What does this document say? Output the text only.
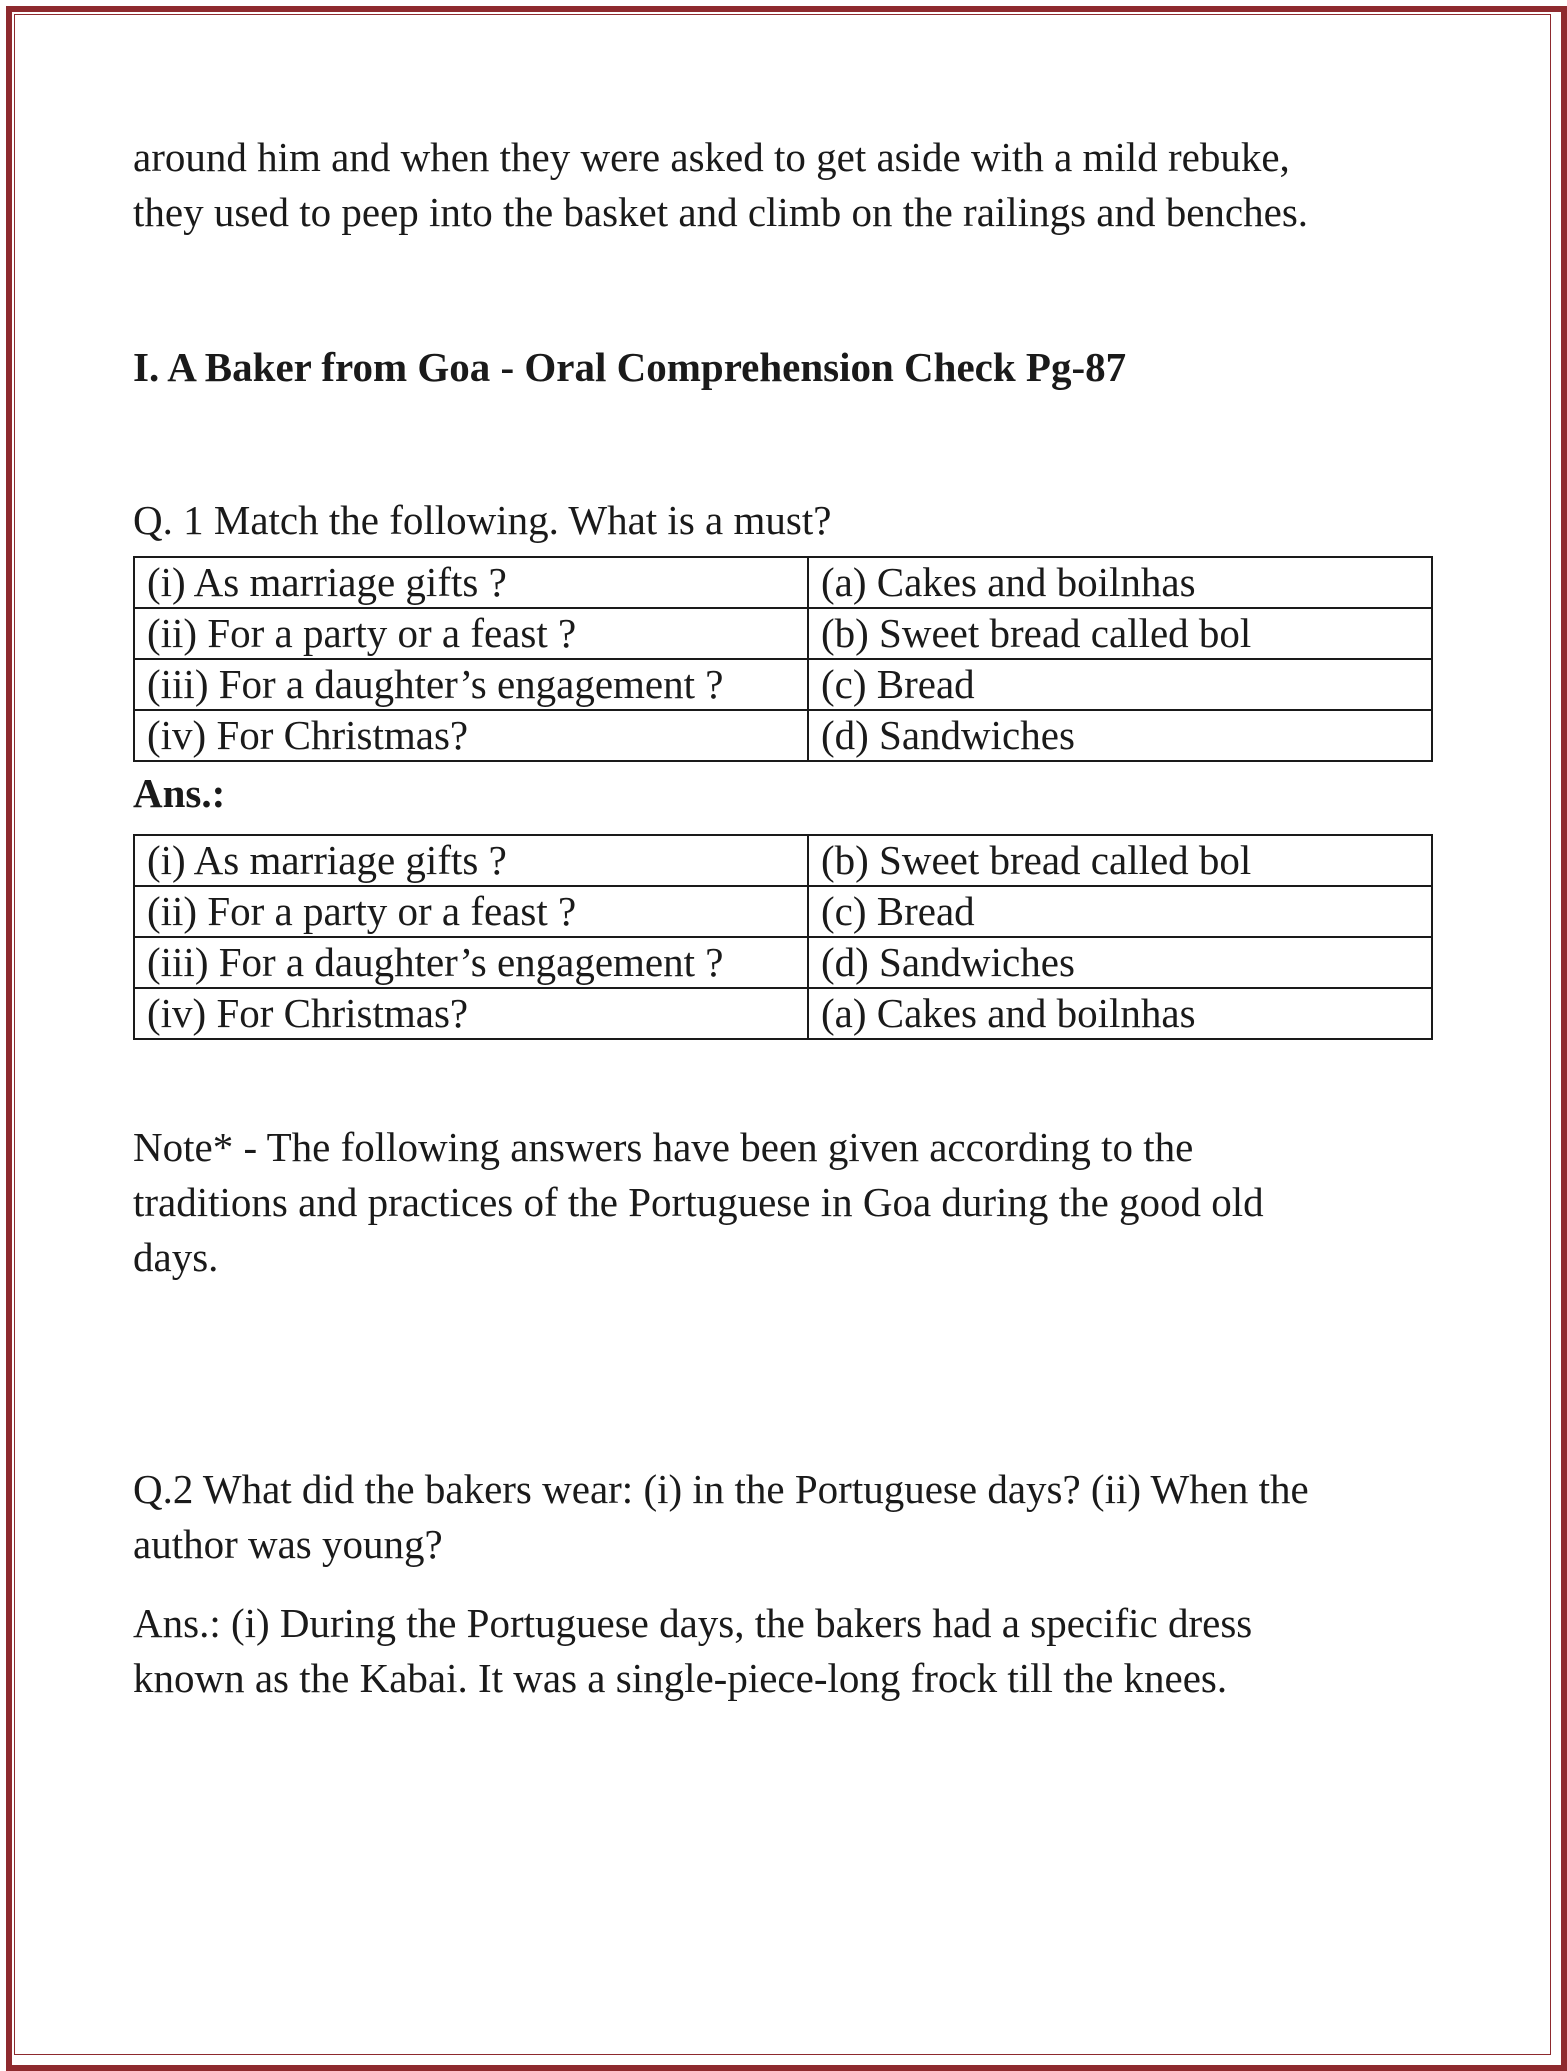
around him and when they were asked to get aside with a mild rebuke,

they used to peep into the basket and climb on the railings and benches.

I. A Baker from Goa - Oral Comprehension Check Pg-87

Q. 1 Match the following. What is a must?

(i) As marriage gifts ?	(a) Cakes and boilnhas
(ii) For a party or a feast ?	(b) Sweet bread called bol
(iii) For a daughter’s engagement ?	(c) Bread
(iv) For Christmas?	(d) Sandwiches

Ans.:

(i) As marriage gifts ?	(b) Sweet bread called bol
(ii) For a party or a feast ?	(c) Bread
(iii) For a daughter’s engagement ?	(d) Sandwiches
(iv) For Christmas?	(a) Cakes and boilnhas

Note* - The following answers have been given according to the

traditions and practices of the Portuguese in Goa during the good old

days.

Q.2 What did the bakers wear: (i) in the Portuguese days? (ii) When the

author was young?

Ans.: (i) During the Portuguese days, the bakers had a specific dress

known as the Kabai. It was a single-piece-long frock till the knees.
